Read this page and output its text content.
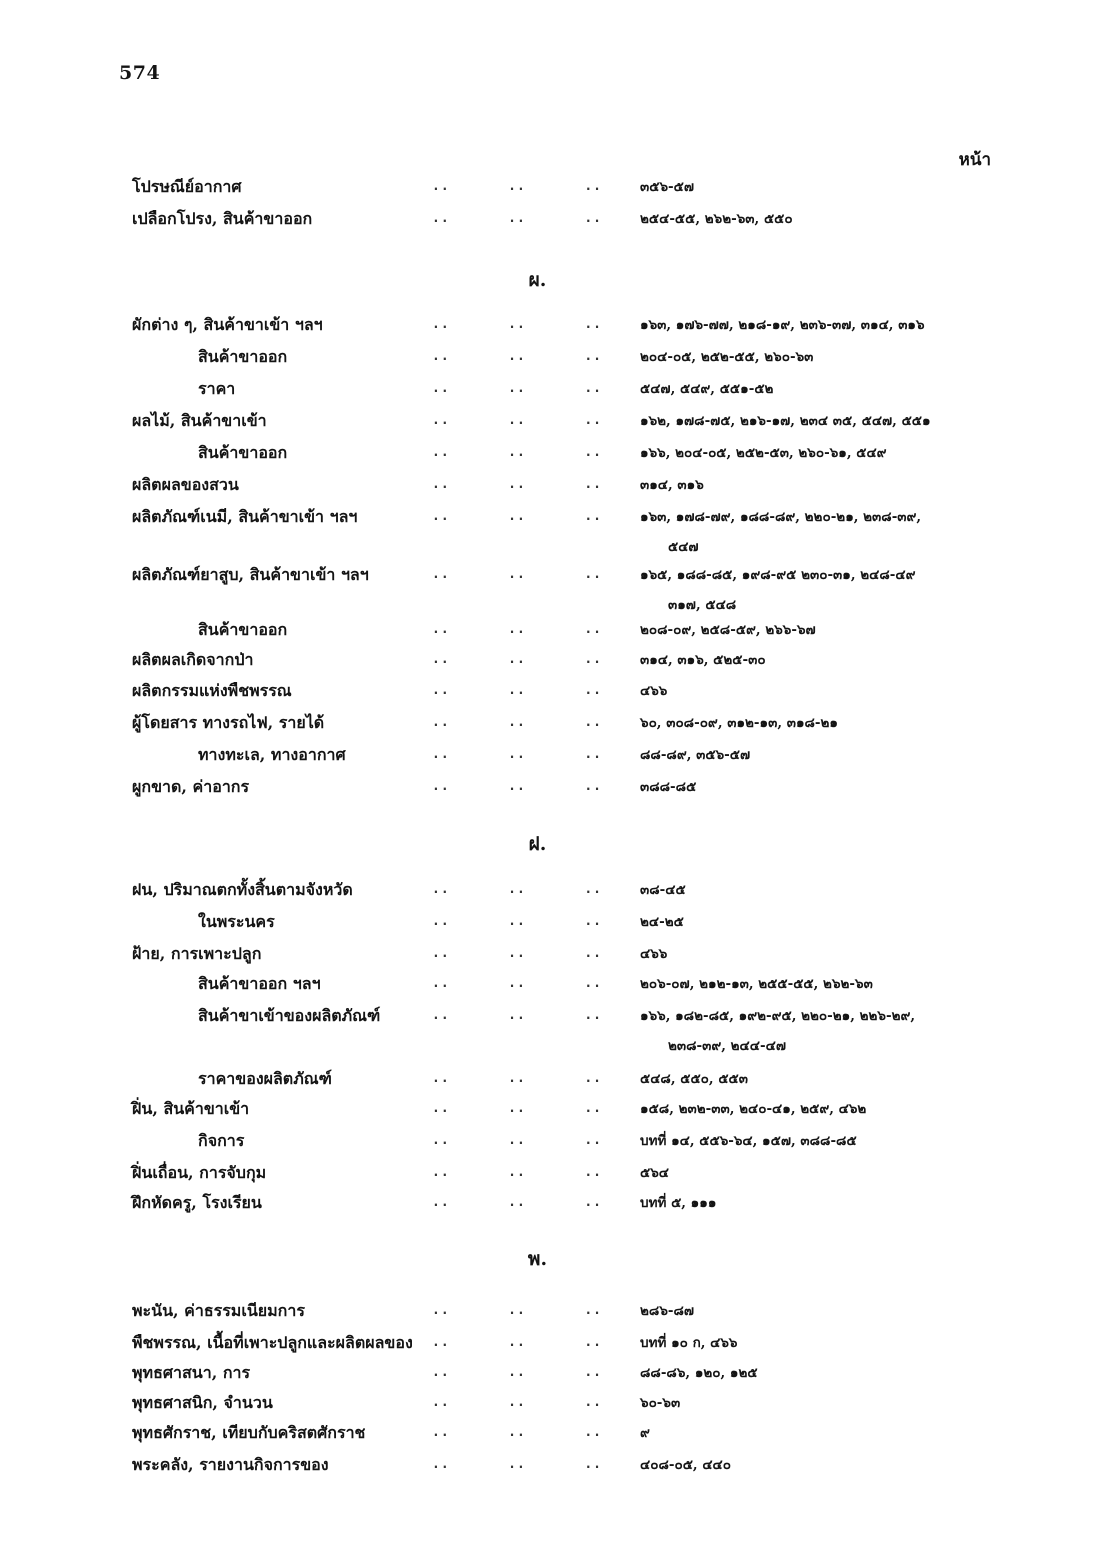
574
หน้า
โปรษณีย์อากาศ	..	..	..	๓๕๖-๕๗
เปลือกโปรง, สินค้าขาออก	..	..	..	๒๕๔-๕๕, ๒๖๒-๖๓, ๕๕๐
ผ.
ผักต่าง ๆ, สินค้าขาเข้า ฯลฯ	..	..	..	๑๖๓, ๑๗๖-๗๗, ๒๑๘-๑๙, ๒๓๖-๓๗, ๓๑๔, ๓๑๖
สินค้าขาออก	..	..	..	๒๐๔-๐๕, ๒๕๒-๕๕, ๒๖๐-๖๓
ราคา	..	..	..	๕๔๗, ๕๔๙, ๕๕๑-๕๒
ผลไม้, สินค้าขาเข้า	..	..	..	๑๖๒, ๑๗๘-๗๕, ๒๑๖-๑๗, ๒๓๔ ๓๕, ๕๔๗, ๕๕๑
สินค้าขาออก	..	..	..	๑๖๖, ๒๐๔-๐๕, ๒๕๒-๕๓, ๒๖๐-๖๑, ๕๔๙
ผลิตผลของสวน	..	..	..	๓๑๔, ๓๑๖
ผลิตภัณฑ์เนมี, สินค้าขาเข้า ฯลฯ	..	..	..	๑๖๓, ๑๗๘-๗๙, ๑๘๘-๘๙, ๒๒๐-๒๑, ๒๓๘-๓๙,
๕๔๗
ผลิตภัณฑ์ยาสูบ, สินค้าขาเข้า ฯลฯ	..	..	..	๑๖๕, ๑๘๘-๘๕, ๑๙๘-๙๕ ๒๓๐-๓๑, ๒๔๘-๔๙
๓๑๗, ๕๔๘
สินค้าขาออก	..	..	..	๒๐๘-๐๙, ๒๕๘-๕๙, ๒๖๖-๖๗
ผลิตผลเกิดจากป่า	..	..	..	๓๑๔, ๓๑๖, ๕๒๕-๓๐
ผลิตกรรมแห่งพืชพรรณ	..	..	..	๔๖๖
ผู้โดยสาร ทางรถไฟ, รายได้	..	..	..	๖๐, ๓๐๘-๐๙, ๓๑๒-๑๓, ๓๑๘-๒๑
ทางทะเล, ทางอากาศ	..	..	..	๘๘-๘๙, ๓๕๖-๕๗
ผูกขาด, ค่าอากร	..	..	..	๓๘๘-๘๕
ฝ.
ฝน, ปริมาณตกทั้งสิ้นตามจังหวัด	..	..	..	๓๘-๔๕
ในพระนคร	..	..	..	๒๔-๒๕
ฝ้าย, การเพาะปลูก	..	..	..	๔๖๖
สินค้าขาออก ฯลฯ	..	..	..	๒๐๖-๐๗, ๒๑๒-๑๓, ๒๕๕-๕๕, ๒๖๒-๖๓
สินค้าขาเข้าของผลิตภัณฑ์	..	..	..	๑๖๖, ๑๘๒-๘๕, ๑๙๒-๙๕, ๒๒๐-๒๑, ๒๒๖-๒๙,
๒๓๘-๓๙, ๒๔๔-๔๗
ราคาของผลิตภัณฑ์	..	..	..	๕๔๘, ๕๕๐, ๕๕๓
ฝิ่น, สินค้าขาเข้า	..	..	..	๑๕๘, ๒๓๒-๓๓, ๒๔๐-๔๑, ๒๕๙, ๔๖๒
กิจการ	..	..	..	บทที่ ๑๔, ๕๕๖-๖๔, ๑๕๗, ๓๘๘-๘๕
ฝิ่นเถื่อน, การจับกุม	..	..	..	๕๖๔
ฝึกหัดครู, โรงเรียน	..	..	..	บทที่ ๕, ๑๑๑
พ.
พะนัน, ค่าธรรมเนียมการ	..	..	..	๒๘๖-๘๗
พืชพรรณ, เนื้อที่เพาะปลูกและผลิตผลของ ..	..	..	บทที่ ๑๐ ก, ๔๖๖
พุทธศาสนา, การ	..	..	..	๘๘-๘๖, ๑๒๐, ๑๒๕
พุทธศาสนิก, จำนวน	..	..	..	๖๐-๖๓
พุทธศักราช, เทียบกับคริสตศักราช	..	..	..	๙
พระคลัง, รายงานกิจการของ	..	..	..	๔๐๘-๐๕, ๔๔๐
